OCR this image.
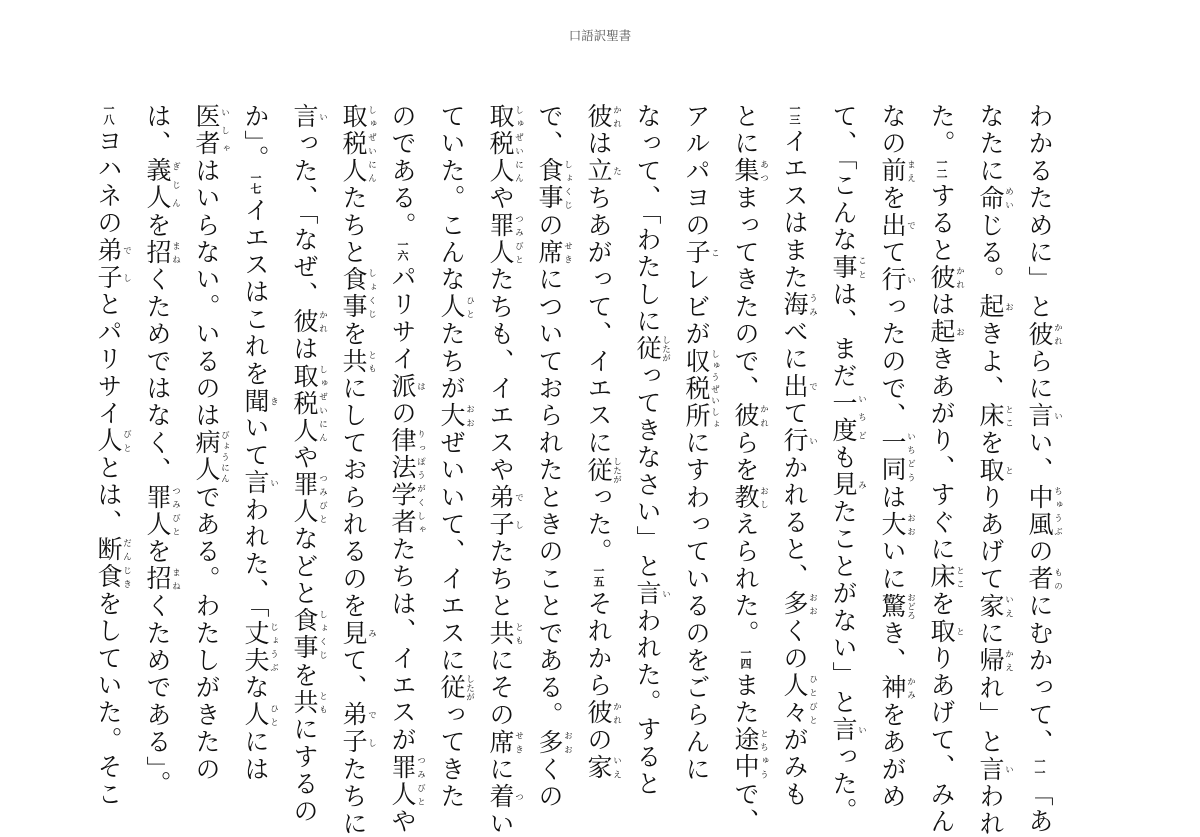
口語訳聖書
わかるために」と彼かれらに言いい、中風ちゅうぶの者ものにむかって、一一「あ
なたに命めいじる。起おきよ、床とこを取とりあげて家いえに帰かえれ」と言いわれ
た。一二すると彼かれは起おきあがり、すぐに床とこを取とりあげて、みん
なの前まえを出でて行いったので、一同いちどうは大おおいに驚おどろき、神かみをあがめ
て、「こんな事ことは、まだ一度いちども見みたことがない」と言いった。
一三イエスはまた海うみべに出でて行いかれると、多おおくの人々ひとびとがみも
とに集あつまってきたので、彼かれらを教おしえられた。一四また途中とちゅうで、
アルパヨの子こレビが収税所しゅうぜいしょにすわっているのをごらんに
なって、「わたしに従したがってきなさい」と言いわれた。すると
彼かれは立たちあがって、イエスに従したがった。一五それから彼かれの家いえ
で、食事しょくじの席せきについておられたときのことである。多おおくの
取税人しゅぜいにんや罪人つみびとたちも、イエスや弟子でしたちと共ともにその席せきに着つい
ていた。こんな人ひとたちが大おおぜいいて、イエスに従したがってきた
のである。一六パリサイ派はの律法学者りっぽうがくしゃたちは、イエスが罪人つみびとや
取税人しゅぜいにんたちと食事しょくじを共ともにしておられるのを見みて、弟子でしたちに
言いった、「なぜ、彼かれは取税人しゅぜいにんや罪人つみびとなどと食事しょくじを共ともにするの
か」。一七イエスはこれを聞きいて言いわれた、「丈夫じょうぶな人ひとには
医者いしゃはいらない。いるのは病人びょうにんである。わたしがきたの
は、義人ぎじんを招まねくためではなく、罪人つみびとを招まねくためである」。
一八ヨハネの弟子でしとパリサイ人びととは、断食だんじきをしていた。そこ
